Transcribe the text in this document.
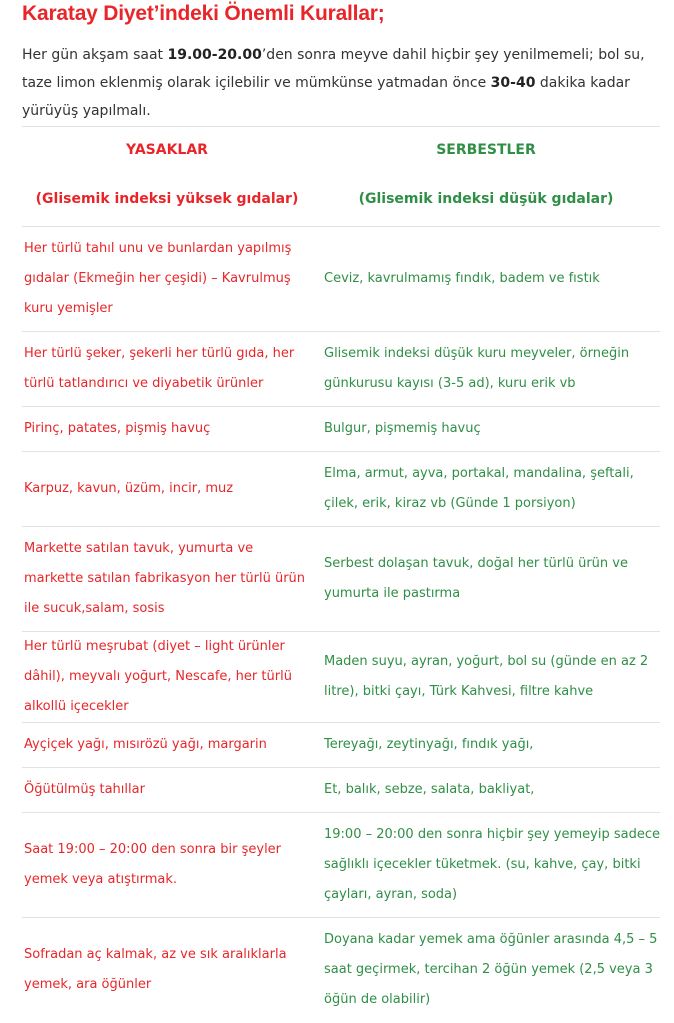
Karatay Diyet’indeki Önemli Kurallar;

Her gün akşam saat 19.00-20.00’den sonra meyve dahil hiçbir şey yenilmemeli; bol su, taze limon eklenmiş olarak içilebilir ve mümkünse yatmadan önce 30-40 dakika kadar yürüyüş yapılmalı.

YASAKLAR	SERBESTLER
(Glisemik indeksi yüksek gıdalar)	(Glisemik indeksi düşük gıdalar)
Her türlü tahıl unu ve bunlardan yapılmış gıdalar (Ekmeğin her çeşidi) – Kavrulmuş kuru yemişler	Ceviz, kavrulmamış fındık, badem ve fıstık
Her türlü şeker, şekerli her türlü gıda, her türlü tatlandırıcı ve diyabetik ürünler	Glisemik indeksi düşük kuru meyveler, örneğin günkurusu kayısı (3-5 ad), kuru erik vb
Pirinç, patates, pişmiş havuç	Bulgur, pişmemiş havuç
Karpuz, kavun, üzüm, incir, muz	Elma, armut, ayva, portakal, mandalina, şeftali, çilek, erik, kiraz vb (Günde 1 porsiyon)
Markette satılan tavuk, yumurta ve markette satılan fabrikasyon her türlü ürün ile sucuk,salam, sosis	Serbest dolaşan tavuk, doğal her türlü ürün ve yumurta ile pastırma
Her türlü meşrubat (diyet – light ürünler dâhil), meyvalı yoğurt, Nescafe, her türlü alkollü içecekler	Maden suyu, ayran, yoğurt, bol su (günde en az 2 litre), bitki çayı, Türk Kahvesi, filtre kahve
Ayçiçek yağı, mısırözü yağı, margarin	Tereyağı, zeytinyağı, fındık yağı,
Öğütülmüş tahıllar	Et, balık, sebze, salata, bakliyat,
Saat 19:00 – 20:00 den sonra bir şeyler yemek veya atıştırmak.	19:00 – 20:00 den sonra hiçbir şey yemeyip sadece sağlıklı içecekler tüketmek. (su, kahve, çay, bitki çayları, ayran, soda)
Sofradan aç kalmak, az ve sık aralıklarla yemek, ara öğünler	Doyana kadar yemek ama öğünler arasında 4,5 – 5 saat geçirmek, tercihan 2 öğün yemek (2,5 veya 3 öğün de olabilir)
